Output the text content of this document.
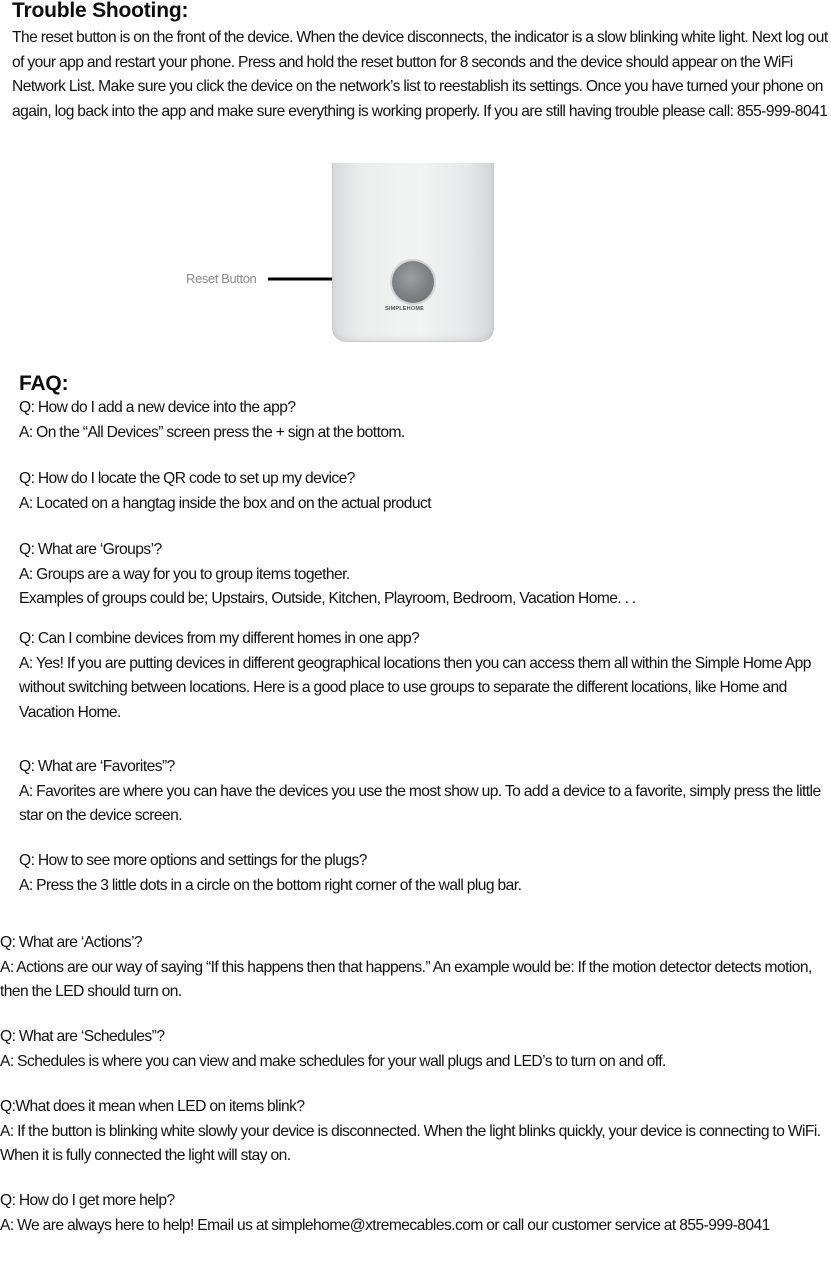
Trouble Shooting:

The reset button is on the front of the device. When the device disconnects, the indicator is a slow blinking white light. Next log out of your app and restart your phone. Press and hold the reset button for 8 seconds and the device should appear on the WiFi Network List. Make sure you click the device on the network’s list to reestablish its settings. Once you have turned your phone on again, log back into the app and make sure everything is working properly. If you are still having trouble please call: 855-999-8041

Reset Button
SIMPLEHOME
FAQ:

Q: How do I add a new device into the app?

A: On the “All Devices” screen press the + sign at the bottom.

Q: How do I locate the QR code to set up my device?

A: Located on a hangtag inside the box and on the actual product

Q: What are ‘Groups’?

A: Groups are a way for you to group items together.

Examples of groups could be; Upstairs, Outside, Kitchen, Playroom, Bedroom, Vacation Home. . .

Q: Can I combine devices from my different homes in one app?

A: Yes! If you are putting devices in different geographical locations then you can access them all within the Simple Home App without switching between locations. Here is a good place to use groups to separate the different locations, like Home and Vacation Home.

Q: What are ‘Favorites”?

A: Favorites are where you can have the devices you use the most show up. To add a device to a favorite, simply press the little star on the device screen.

Q: How to see more options and settings for the plugs?

A: Press the 3 little dots in a circle on the bottom right corner of the wall plug bar.

Q: What are ‘Actions’?

A: Actions are our way of saying “If this happens then that happens.” An example would be: If the motion detector detects motion, then the LED should turn on.

Q: What are ‘Schedules”?

A: Schedules is where you can view and make schedules for your wall plugs and LED’s to turn on and off.

Q:What does it mean when LED on items blink?

A: If the button is blinking white slowly your device is disconnected. When the light blinks quickly, your device is connecting to WiFi. When it is fully connected the light will stay on.

Q: How do I get more help?

A: We are always here to help! Email us at simplehome@xtremecables.com or call our customer service at 855-999-8041
